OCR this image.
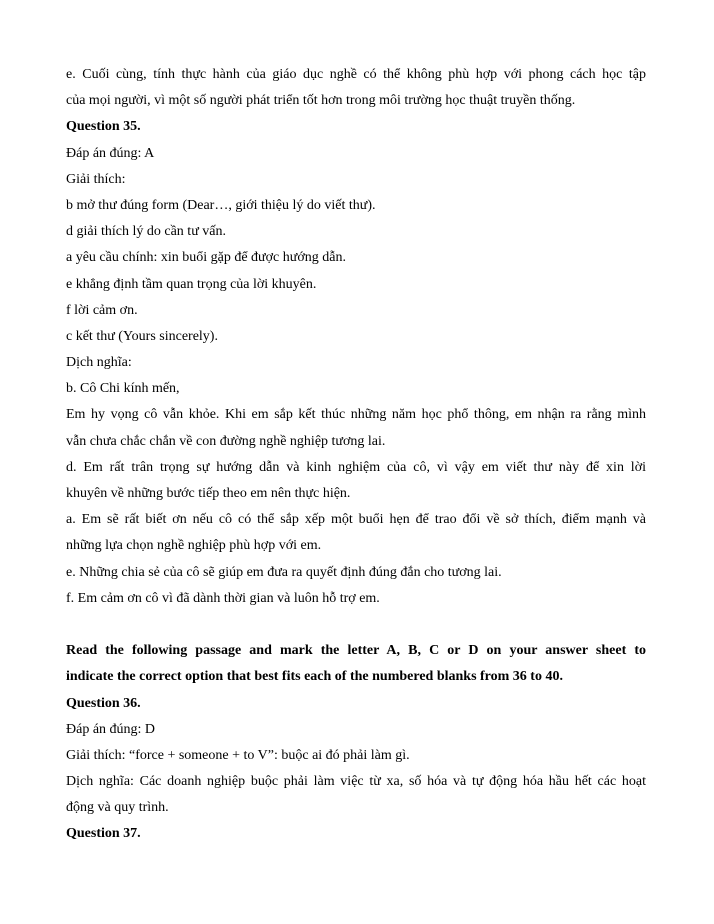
e. Cuối cùng, tính thực hành của giáo dục nghề có thể không phù hợp với phong cách học tập
của mọi người, vì một số người phát triển tốt hơn trong môi trường học thuật truyền thống.
Question 35.
Đáp án đúng: A
Giải thích:
b mở thư đúng form (Dear…, giới thiệu lý do viết thư).
d giải thích lý do cần tư vấn.
a yêu cầu chính: xin buổi gặp để được hướng dẫn.
e khẳng định tầm quan trọng của lời khuyên.
f lời cảm ơn.
c kết thư (Yours sincerely).
Dịch nghĩa:
b. Cô Chi kính mến,
Em hy vọng cô vẫn khỏe. Khi em sắp kết thúc những năm học phổ thông, em nhận ra rằng mình
vẫn chưa chắc chắn về con đường nghề nghiệp tương lai.
d. Em rất trân trọng sự hướng dẫn và kinh nghiệm của cô, vì vậy em viết thư này để xin lời
khuyên về những bước tiếp theo em nên thực hiện.
a. Em sẽ rất biết ơn nếu cô có thể sắp xếp một buổi hẹn để trao đổi về sở thích, điểm mạnh và
những lựa chọn nghề nghiệp phù hợp với em.
e. Những chia sẻ của cô sẽ giúp em đưa ra quyết định đúng đắn cho tương lai.
f. Em cảm ơn cô vì đã dành thời gian và luôn hỗ trợ em.
Read the following passage and mark the letter A, B, C or D on your answer sheet to
indicate the correct option that best fits each of the numbered blanks from 36 to 40.
Question 36.
Đáp án đúng: D
Giải thích: “force + someone + to V”: buộc ai đó phải làm gì.
Dịch nghĩa: Các doanh nghiệp buộc phải làm việc từ xa, số hóa và tự động hóa hầu hết các hoạt
động và quy trình.
Question 37.
